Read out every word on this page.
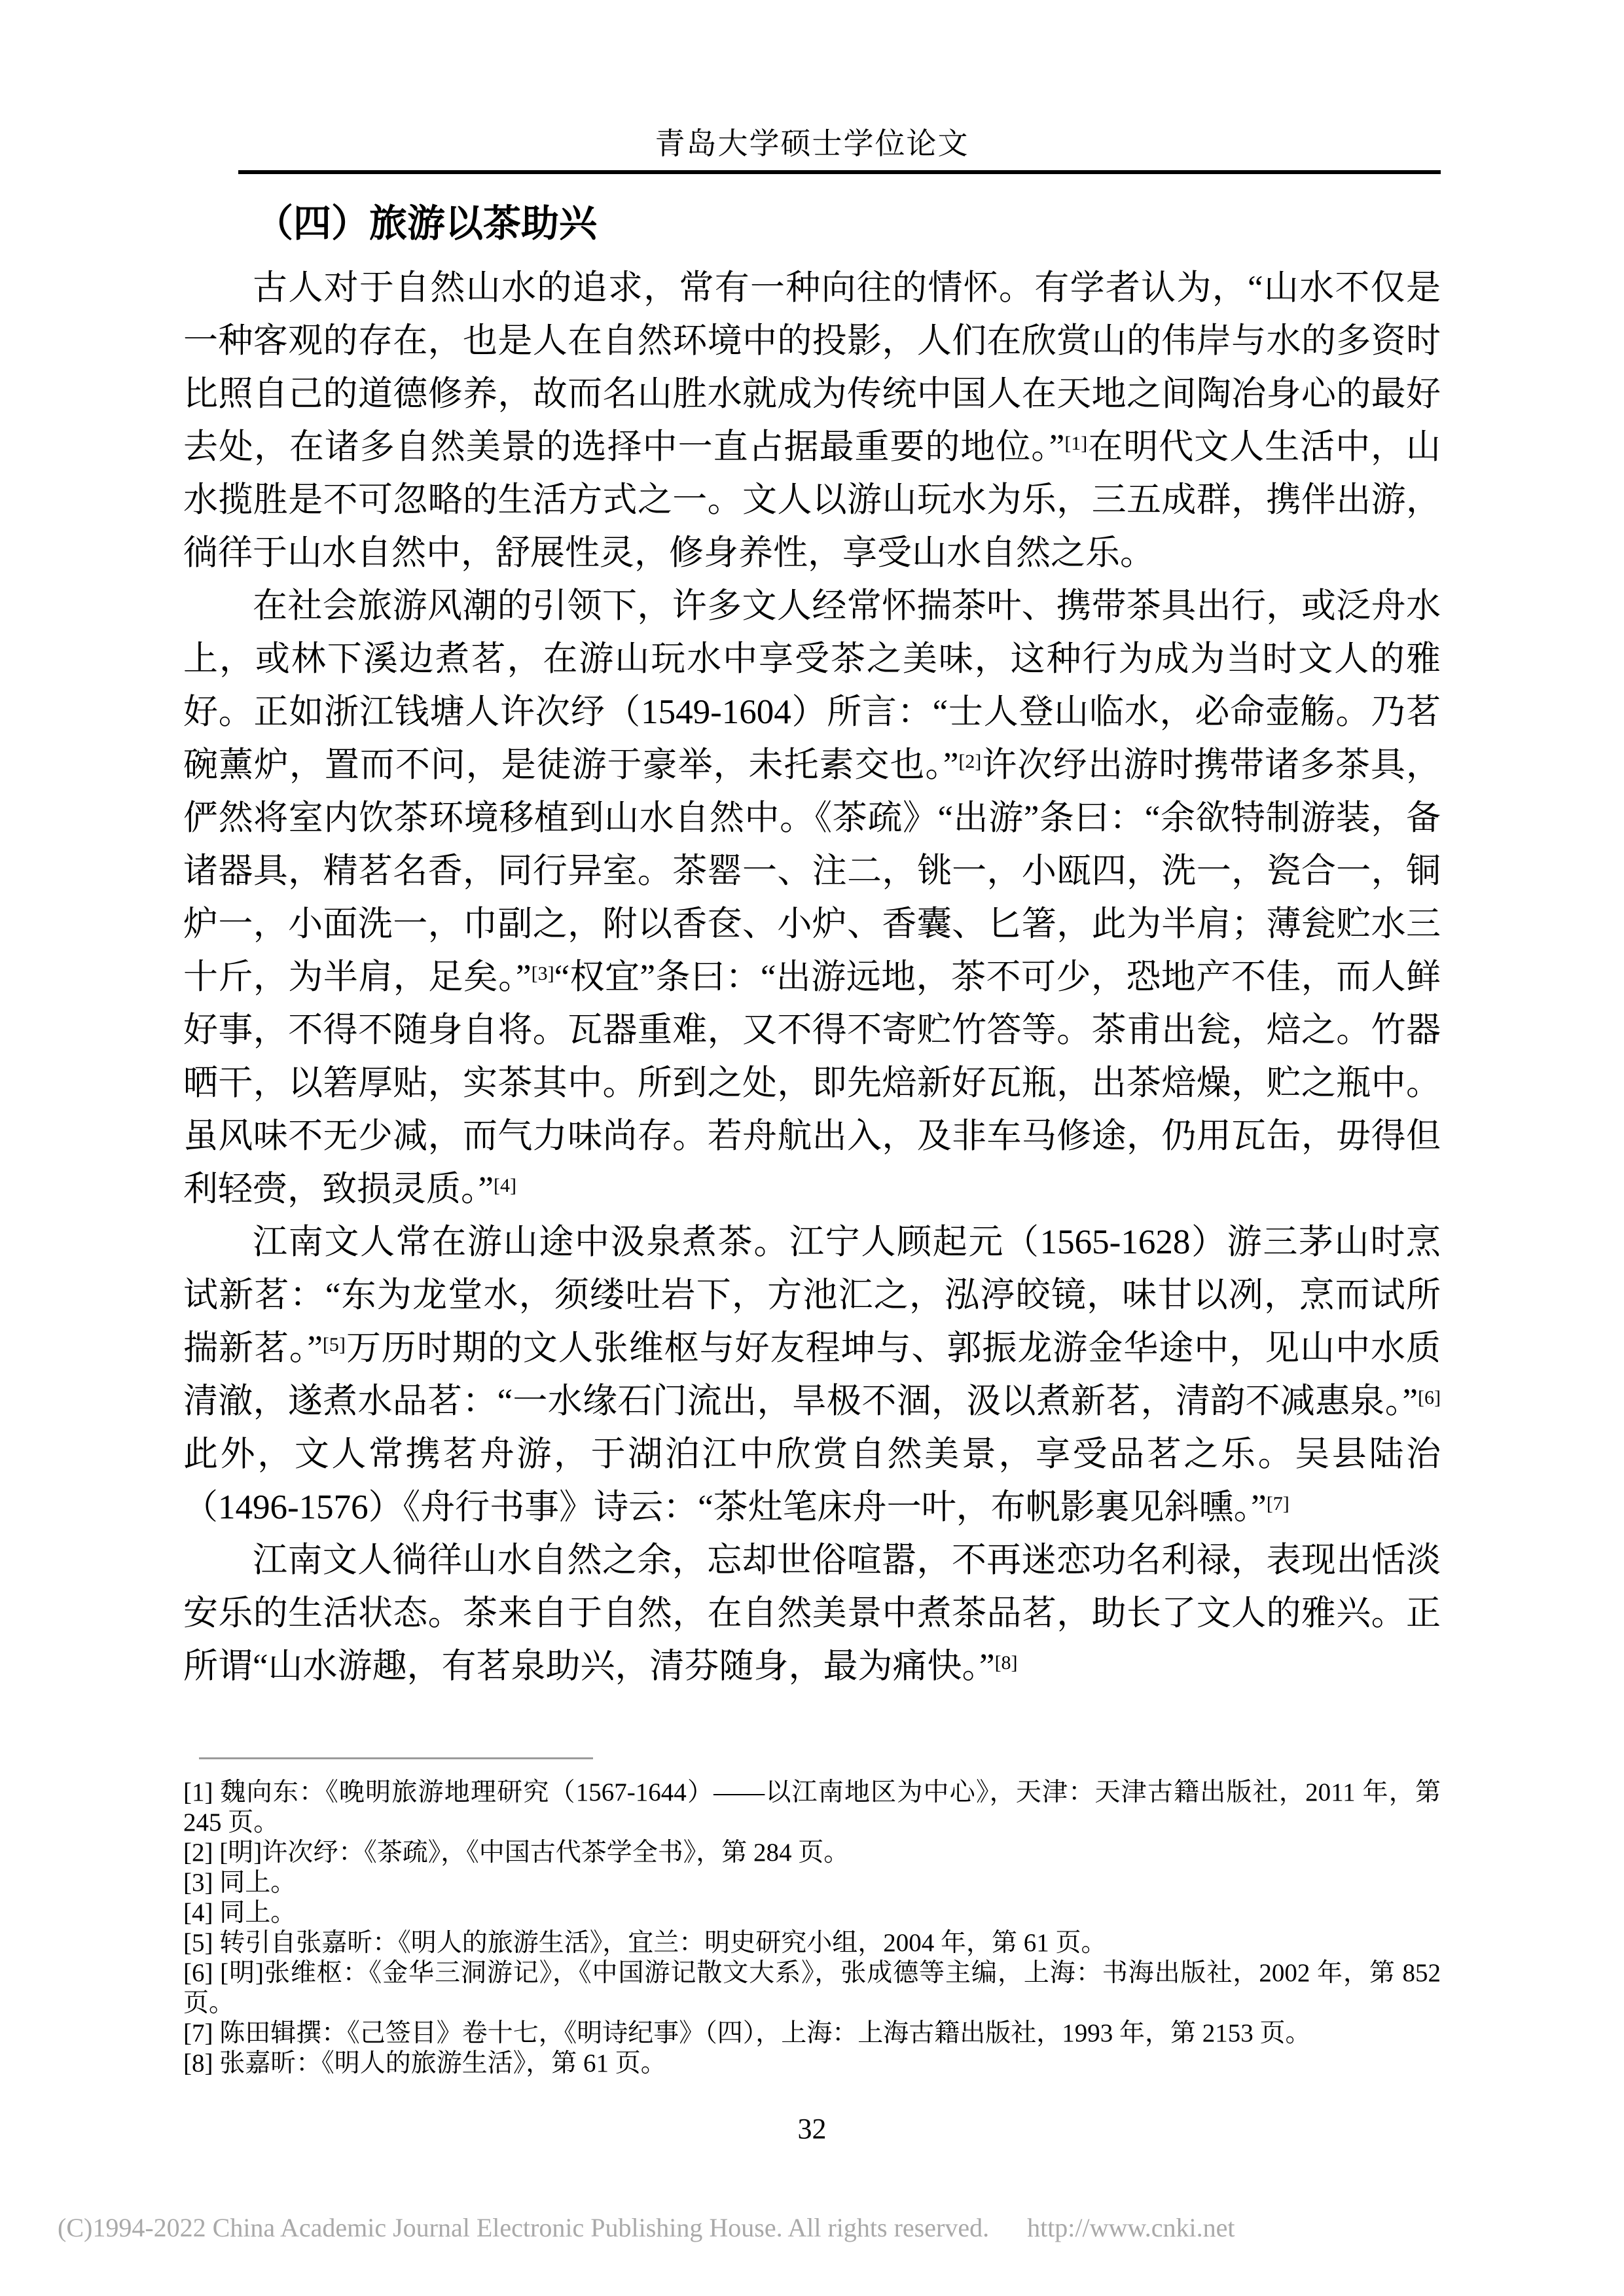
青岛大学硕士学位论文
（四）旅游以茶助兴

古人对于自然山水的追求，常有一种向往的情怀。有学者认为，“山水不仅是一种客观的存在，也是人在自然环境中的投影，人们在欣赏山的伟岸与水的多资时比照自己的道德修养，故而名山胜水就成为传统中国人在天地之间陶冶身心的最好去处，在诸多自然美景的选择中一直占据最重要的地位。”[1]在明代文人生活中，山水揽胜是不可忽略的生活方式之一。文人以游山玩水为乐，三五成群，携伴出游，徜徉于山水自然中，舒展性灵，修身养性，享受山水自然之乐。

在社会旅游风潮的引领下，许多文人经常怀揣茶叶、携带茶具出行，或泛舟水上，或林下溪边煮茗，在游山玩水中享受茶之美味，这种行为成为当时文人的雅好。正如浙江钱塘人许次纾（1549-1604）所言：“士人登山临水，必命壶觞。乃茗碗薰炉，置而不问，是徒游于豪举，未托素交也。”[2]许次纾出游时携带诸多茶具，俨然将室内饮茶环境移植到山水自然中。《茶疏》“出游”条曰：“余欲特制游装，备诸器具，精茗名香，同行异室。茶罂一、注二，铫一，小瓯四，洗一，瓷合一，铜炉一，小面洗一，巾副之，附以香奁、小炉、香囊、匕箸，此为半肩；薄瓮贮水三十斤，为半肩，足矣。”[3]“权宜”条曰：“出游远地，茶不可少，恐地产不佳，而人鲜好事，不得不随身自将。瓦器重难，又不得不寄贮竹答等。茶甫出瓮，焙之。竹器晒干，以箬厚贴，实茶其中。所到之处，即先焙新好瓦瓶，出茶焙燥，贮之瓶中。虽风味不无少减，而气力味尚存。若舟航出入，及非车马修途，仍用瓦缶，毋得但利轻赍，致损灵质。”[4]

江南文人常在游山途中汲泉煮茶。江宁人顾起元（1565-1628）游三茅山时烹试新茗：“东为龙堂水，须缕吐岩下，方池汇之，泓渟皎镜，味甘以冽，烹而试所揣新茗。”[5]万历时期的文人张维枢与好友程坤与、郭振龙游金华途中，见山中水质清澈，遂煮水品茗：“一水缘石门流出，旱极不涸，汲以煮新茗，清韵不减惠泉。”[6]此外，文人常携茗舟游，于湖泊江中欣赏自然美景，享受品茗之乐。吴县陆治（1496-1576）《舟行书事》诗云：“茶灶笔床舟一叶，布帆影裏见斜曛。”[7]

江南文人徜徉山水自然之余，忘却世俗喧嚣，不再迷恋功名利禄，表现出恬淡安乐的生活状态。茶来自于自然，在自然美景中煮茶品茗，助长了文人的雅兴。正所谓“山水游趣，有茗泉助兴，清芬随身，最为痛快。”[8]

[1] 魏向东：《晚明旅游地理研究（1567-1644）——以江南地区为中心》，天津：天津古籍出版社，2011 年，第 245 页。
[2] [明]许次纾：《茶疏》，《中国古代茶学全书》，第 284 页。
[3] 同上。
[4] 同上。
[5] 转引自张嘉昕：《明人的旅游生活》，宜兰：明史研究小组，2004 年，第 61 页。
[6] [明]张维枢：《金华三洞游记》，《中国游记散文大系》，张成德等主编，上海：书海出版社，2002 年，第 852 页。
[7] 陈田辑撰：《己签目》卷十七，《明诗纪事》（四），上海：上海古籍出版社，1993 年，第 2153 页。
[8] 张嘉昕：《明人的旅游生活》，第 61 页。
32
(C)1994-2022 China Academic Journal Electronic Publishing House. All rights reserved. http://www.cnki.net
